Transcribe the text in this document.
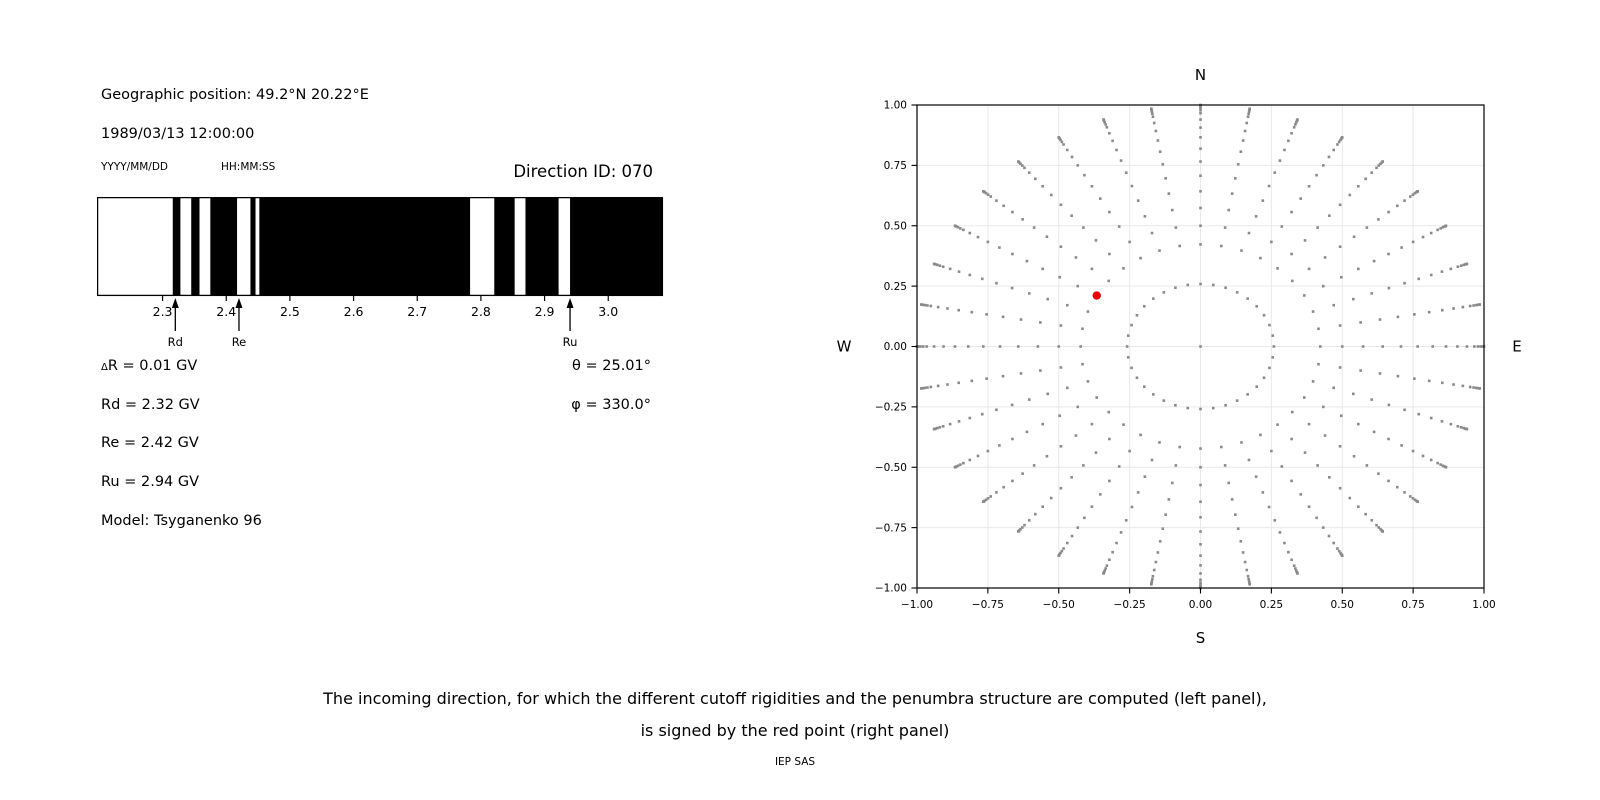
Geographic position: 49.2°N 20.22°E
1989/03/13 12:00:00
YYYY/MM/DD	HH:MM:SS	Direction ID: 070
2.3	2.4	2.5	2.6	2.7	2.8	2.9	3.0
Rd	Re	Ru
ΔR = 0.01 GV
Rd = 2.32 GV
Re = 2.42 GV
Ru = 2.94 GV
Model: Tsyganenko 96
θ = 25.01°
φ = 330.0°
−1.00
−1.00
−0.75
−0.75
−0.50
−0.50
−0.25
−0.25
0.00
0.00
0.25
0.25
0.50
0.50
0.75
0.75
1.00
1.00
N
S
W	E
The incoming direction, for which the different cutoff rigidities and the penumbra structure are computed (left panel),
is signed by the red point (right panel)
IEP SAS
